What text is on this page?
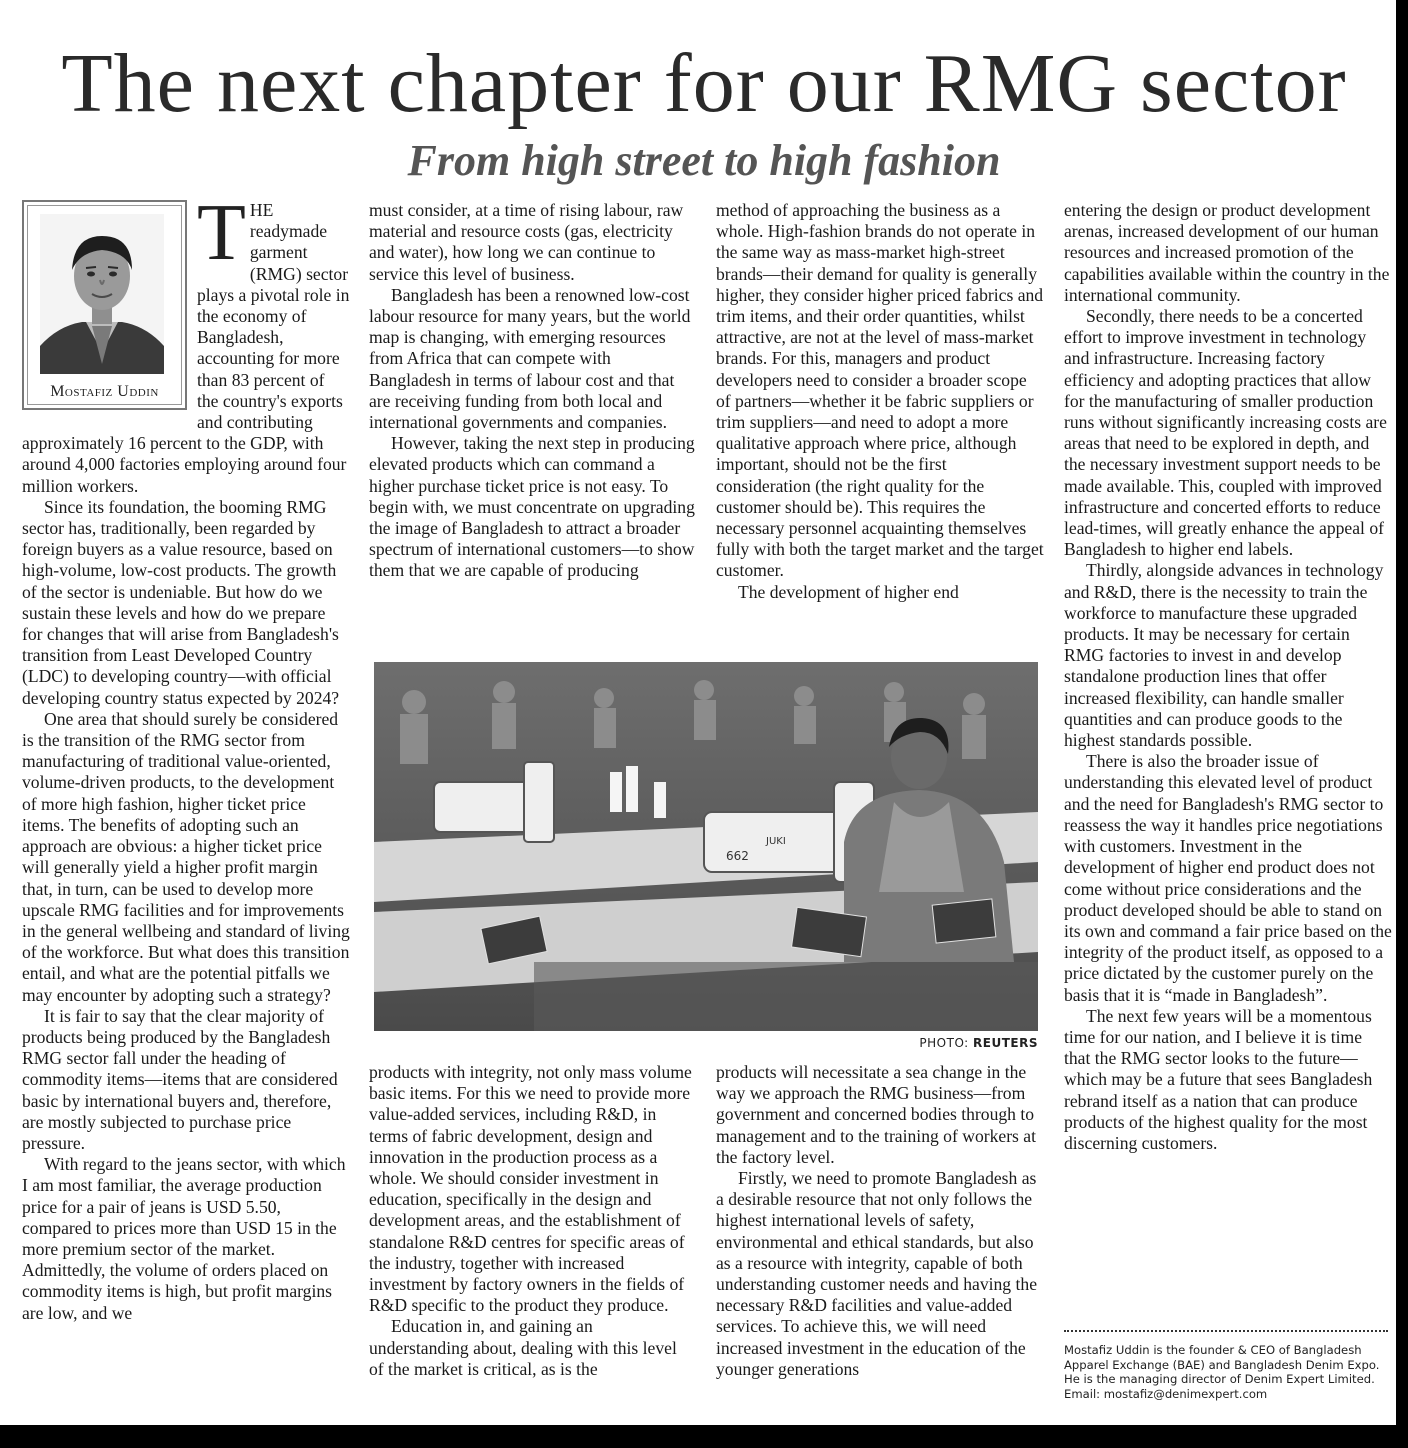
The next chapter for our RMG sector
From high street to high fashion
Mostafiz Uddin

THE readymade garment (RMG) sector plays a pivotal role in the economy of Bangladesh, accounting for more than 83 percent of the country's exports and contributing approximately 16 percent to the GDP, with around 4,000 factories employing around four million workers.

Since its foundation, the booming RMG sector has, traditionally, been regarded by foreign buyers as a value resource, based on high-volume, low-cost products. The growth of the sector is undeniable. But how do we sustain these levels and how do we prepare for changes that will arise from Bangladesh's transition from Least Developed Country (LDC) to developing country—with official developing country status expected by 2024?

One area that should surely be considered is the transition of the RMG sector from manufacturing of traditional value-oriented, volume-driven products, to the development of more high fashion, higher ticket price items. The benefits of adopting such an approach are obvious: a higher ticket price will generally yield a higher profit margin that, in turn, can be used to develop more upscale RMG facilities and for improvements in the general wellbeing and standard of living of the workforce. But what does this transition entail, and what are the potential pitfalls we may encounter by adopting such a strategy?

It is fair to say that the clear majority of products being produced by the Bangladesh RMG sector fall under the heading of commodity items—items that are considered basic by international buyers and, therefore, are mostly subjected to purchase price pressure.

With regard to the jeans sector, with which I am most familiar, the average production price for a pair of jeans is USD 5.50, compared to prices more than USD 15 in the more premium sector of the market. Admittedly, the volume of orders placed on commodity items is high, but profit margins are low, and we

must consider, at a time of rising labour, raw material and resource costs (gas, electricity and water), how long we can continue to service this level of business.

Bangladesh has been a renowned low-cost labour resource for many years, but the world map is changing, with emerging resources from Africa that can compete with Bangladesh in terms of labour cost and that are receiving funding from both local and international governments and companies.

However, taking the next step in producing elevated products which can command a higher purchase ticket price is not easy. To begin with, we must concentrate on upgrading the image of Bangladesh to attract a broader spectrum of international customers—to show them that we are capable of producing

method of approaching the business as a whole. High-fashion brands do not operate in the same way as mass-market high-street brands—their demand for quality is generally higher, they consider higher priced fabrics and trim items, and their order quantities, whilst attractive, are not at the level of mass-market brands. For this, managers and product developers need to consider a broader scope of partners—whether it be fabric suppliers or trim suppliers—and need to adopt a more qualitative approach where price, although important, should not be the first consideration (the right quality for the customer should be). This requires the necessary personnel acquainting themselves fully with both the target market and the target customer.

The development of higher end

662
JUKI
PHOTO: REUTERS

products with integrity, not only mass volume basic items. For this we need to provide more value-added services, including R&D, in terms of fabric development, design and innovation in the production process as a whole. We should consider investment in education, specifically in the design and development areas, and the establishment of standalone R&D centres for specific areas of the industry, together with increased investment by factory owners in the fields of R&D specific to the product they produce.

Education in, and gaining an understanding about, dealing with this level of the market is critical, as is the

products will necessitate a sea change in the way we approach the RMG business—from government and concerned bodies through to management and to the training of workers at the factory level.

Firstly, we need to promote Bangladesh as a desirable resource that not only follows the highest international levels of safety, environmental and ethical standards, but also as a resource with integrity, capable of both understanding customer needs and having the necessary R&D facilities and value-added services. To achieve this, we will need increased investment in the education of the younger generations

entering the design or product development arenas, increased development of our human resources and increased promotion of the capabilities available within the country in the international community.

Secondly, there needs to be a concerted effort to improve investment in technology and infrastructure. Increasing factory efficiency and adopting practices that allow for the manufacturing of smaller production runs without significantly increasing costs are areas that need to be explored in depth, and the necessary investment support needs to be made available. This, coupled with improved infrastructure and concerted efforts to reduce lead-times, will greatly enhance the appeal of Bangladesh to higher end labels.

Thirdly, alongside advances in technology and R&D, there is the necessity to train the workforce to manufacture these upgraded products. It may be necessary for certain RMG factories to invest in and develop standalone production lines that offer increased flexibility, can handle smaller quantities and can produce goods to the highest standards possible.

There is also the broader issue of understanding this elevated level of product and the need for Bangladesh's RMG sector to reassess the way it handles price negotiations with customers. Investment in the development of higher end product does not come without price considerations and the product developed should be able to stand on its own and command a fair price based on the integrity of the product itself, as opposed to a price dictated by the customer purely on the basis that it is “made in Bangladesh”.

The next few years will be a momentous time for our nation, and I believe it is time that the RMG sector looks to the future—which may be a future that sees Bangladesh rebrand itself as a nation that can produce products of the highest quality for the most discerning customers.

Mostafiz Uddin is the founder & CEO of Bangladesh Apparel Exchange (BAE) and Bangladesh Denim Expo. He is the managing director of Denim Expert Limited.
Email: mostafiz@denimexpert.com
